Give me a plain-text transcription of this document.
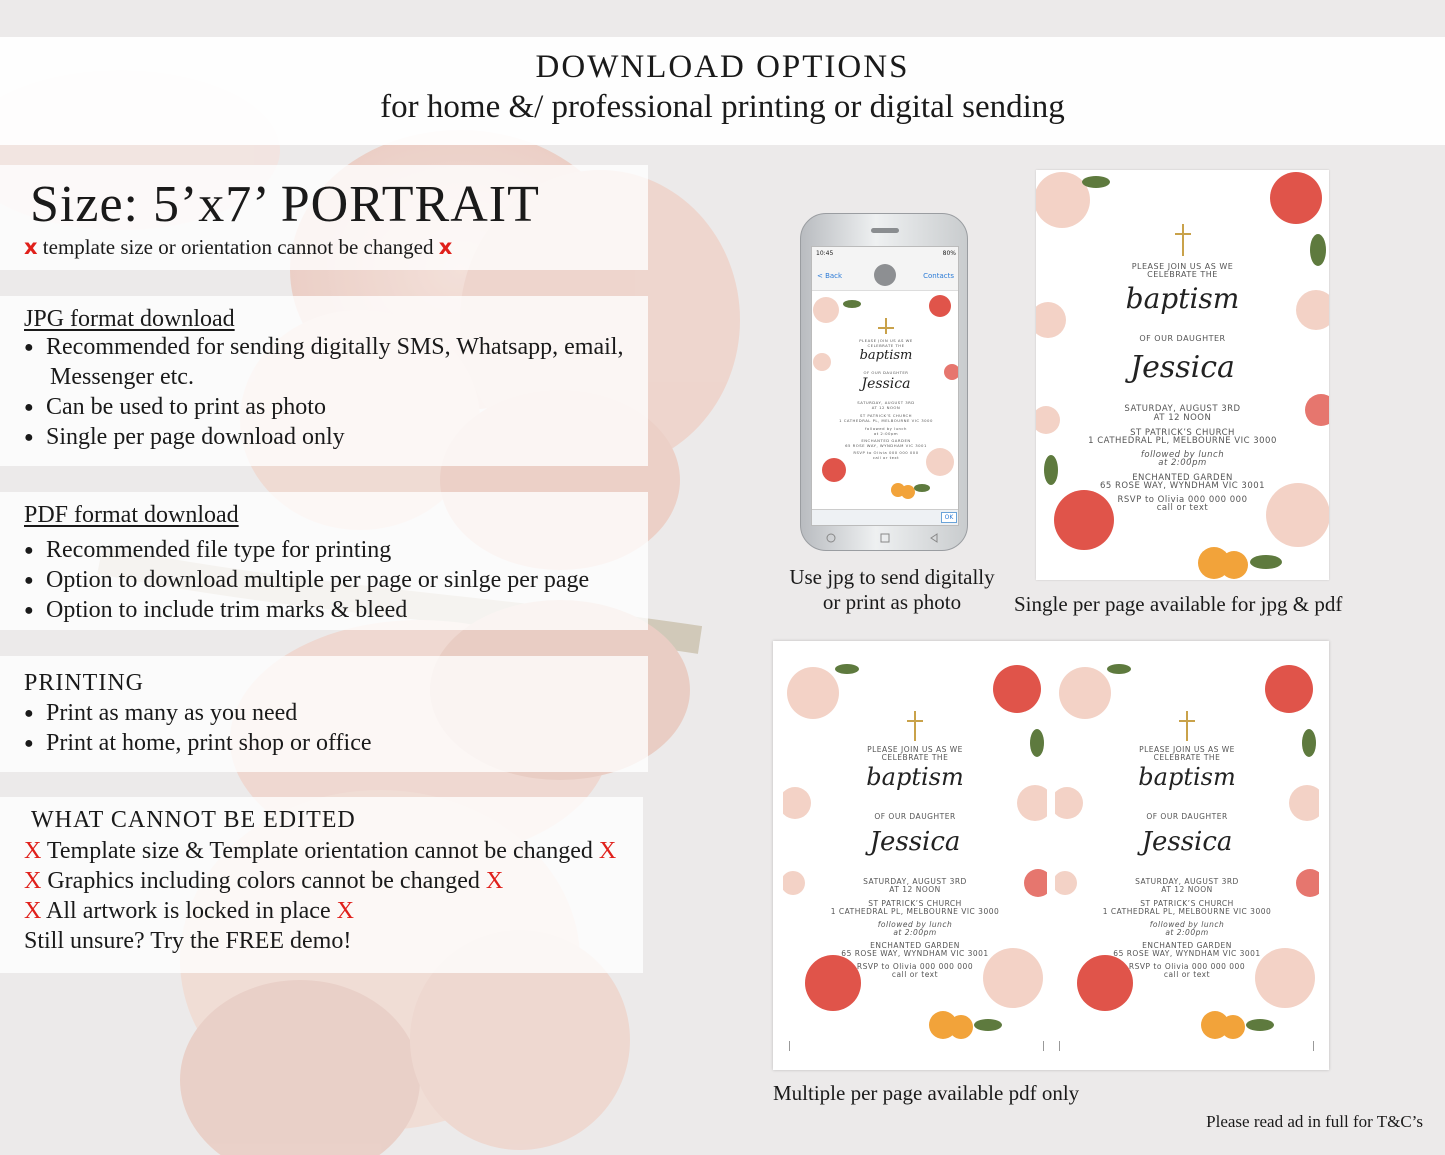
DOWNLOAD OPTIONS
for home &/ professional printing or digital sending
Size: 5’x7’ PORTRAIT
x template size or orientation cannot be changed x
JPG format download
● Recommended for sending digitally SMS, Whatsapp, email,
Messenger etc.
● Can be used to print as photo
● Single per page download only
PDF format download
● Recommended file type for printing
● Option to download multiple per page or sinlge per page
● Option to include trim marks & bleed
PRINTING
● Print as many as you need
● Print at home, print shop or office
WHAT CANNOT BE EDITED
X Template size & Template orientation cannot be changed X
X Graphics including colors cannot be changed X
X All artwork is locked in place X
Still unsure? Try the FREE demo!
10:45	80%
< Back	Contacts
PLEASE JOIN US AS WE
CELEBRATE THE
baptism
OF OUR DAUGHTER
Jessica
SATURDAY, AUGUST 3RD
AT 12 NOON
ST PATRICK’S CHURCH
1 CATHEDRAL PL, MELBOURNE VIC 3000
followed by lunch
at 2:00pm
ENCHANTED GARDEN
65 ROSE WAY, WYNDHAM VIC 3001
RSVP to Olivia 000 000 000
call or text
OK
Use jpg to send digitally
or print as photo
PLEASE JOIN US AS WE
CELEBRATE THE
baptism
OF OUR DAUGHTER
Jessica
SATURDAY, AUGUST 3RD
AT 12 NOON
ST PATRICK’S CHURCH
1 CATHEDRAL PL, MELBOURNE VIC 3000
followed by lunch
at 2:00pm
ENCHANTED GARDEN
65 ROSE WAY, WYNDHAM VIC 3001
RSVP to Olivia 000 000 000
call or text
Single per page available for jpg & pdf
PLEASE JOIN US AS WE
CELEBRATE THE
baptism
OF OUR DAUGHTER
Jessica
SATURDAY, AUGUST 3RD
AT 12 NOON
ST PATRICK’S CHURCH
1 CATHEDRAL PL, MELBOURNE VIC 3000
followed by lunch
at 2:00pm
ENCHANTED GARDEN
65 ROSE WAY, WYNDHAM VIC 3001
RSVP to Olivia 000 000 000
call or text
PLEASE JOIN US AS WE
CELEBRATE THE
baptism
OF OUR DAUGHTER
Jessica
SATURDAY, AUGUST 3RD
AT 12 NOON
ST PATRICK’S CHURCH
1 CATHEDRAL PL, MELBOURNE VIC 3000
followed by lunch
at 2:00pm
ENCHANTED GARDEN
65 ROSE WAY, WYNDHAM VIC 3001
RSVP to Olivia 000 000 000
call or text
Multiple per page available pdf only
Please read ad in full for T&C’s
